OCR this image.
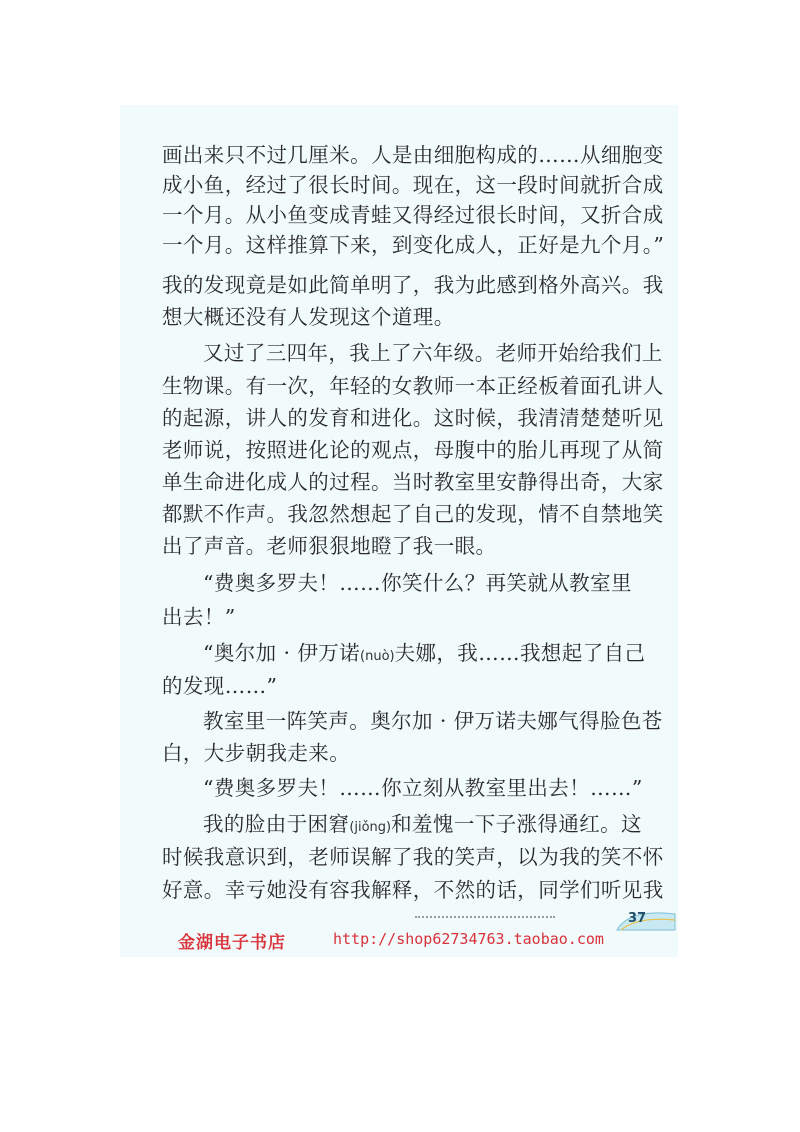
画出来只不过几厘米。人是由细胞构成的……从细胞变
成小鱼，经过了很长时间。现在，这一段时间就折合成
一个月。从小鱼变成青蛙又得经过很长时间，又折合成
一个月。这样推算下来，到变化成人，正好是九个月。”
我的发现竟是如此简单明了，我为此感到格外高兴。我
想大概还没有人发现这个道理。
又过了三四年，我上了六年级。老师开始给我们上
生物课。有一次，年轻的女教师一本正经板着面孔讲人
的起源，讲人的发育和进化。这时候，我清清楚楚听见
老师说，按照进化论的观点，母腹中的胎儿再现了从简
单生命进化成人的过程。当时教室里安静得出奇，大家
都默不作声。我忽然想起了自己的发现，情不自禁地笑
出了声音。老师狠狠地瞪了我一眼。
“费奥多罗夫！……你笑什么？再笑就从教室里
出去！”
“奥尔加 · 伊万诺(nuò)夫娜，我……我想起了自己
的发现……”
教室里一阵笑声。奥尔加 · 伊万诺夫娜气得脸色苍
白，大步朝我走来。
“费奥多罗夫！……你立刻从教室里出去！……”
我的脸由于困窘(jiǒng)和羞愧一下子涨得通红。这
时候我意识到，老师误解了我的笑声，以为我的笑不怀
好意。幸亏她没有容我解释，不然的话，同学们听见我
金湖电子书店	http://shop62734763.taobao.com
37
